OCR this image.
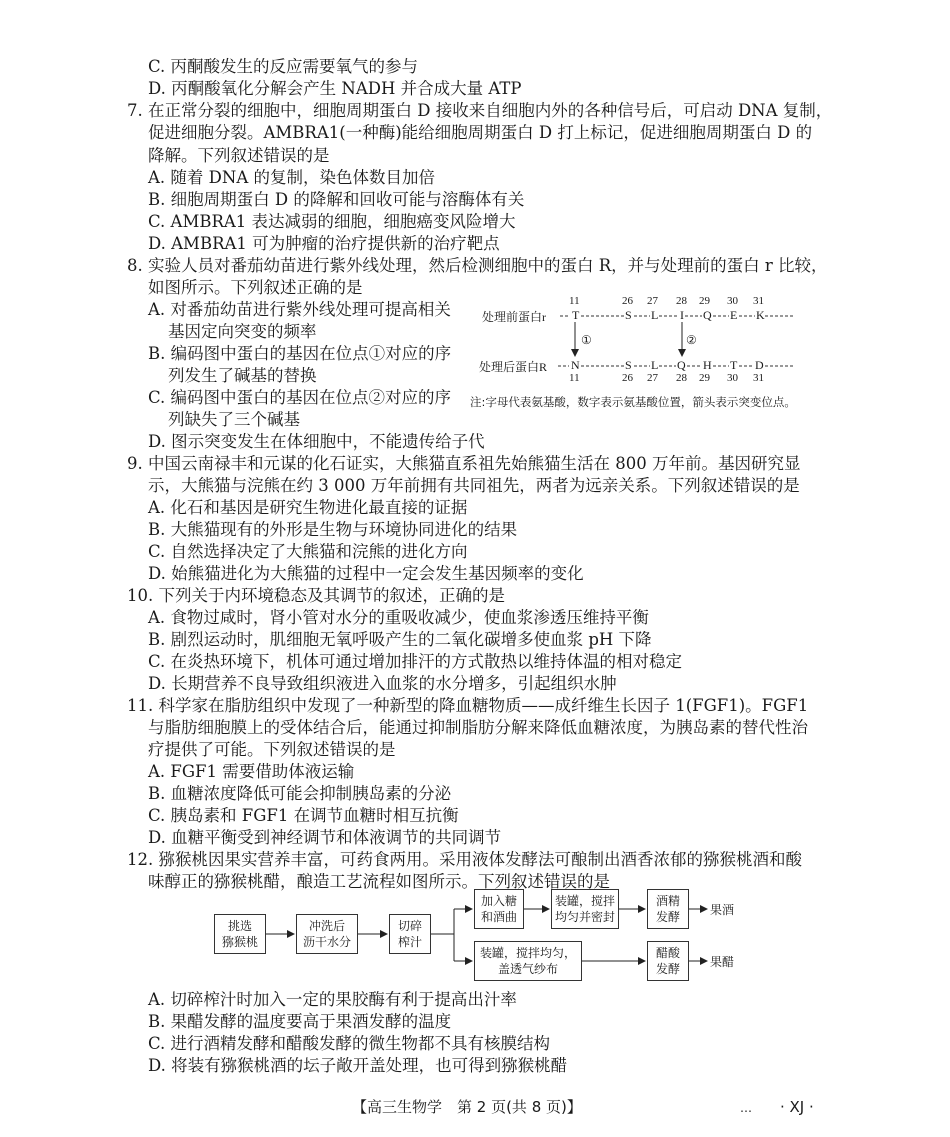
C. 丙酮酸发生的反应需要氧气的参与
D. 丙酮酸氧化分解会产生 NADH 并合成大量 ATP
7. 在正常分裂的细胞中，细胞周期蛋白 D 接收来自细胞内外的各种信号后，可启动 DNA 复制，
促进细胞分裂。AMBRA1(一种酶)能给细胞周期蛋白 D 打上标记，促进细胞周期蛋白 D 的
降解。下列叙述错误的是
A. 随着 DNA 的复制，染色体数目加倍
B. 细胞周期蛋白 D 的降解和回收可能与溶酶体有关
C. AMBRA1 表达减弱的细胞，细胞癌变风险增大
D. AMBRA1 可为肿瘤的治疗提供新的治疗靶点
8. 实验人员对番茄幼苗进行紫外线处理，然后检测细胞中的蛋白 R，并与处理前的蛋白 r 比较，
如图所示。下列叙述正确的是
A. 对番茄幼苗进行紫外线处理可提高相关
基因定向突变的频率
B. 编码图中蛋白的基因在位点①对应的序
列发生了碱基的替换
C. 编码图中蛋白的基因在位点②对应的序
列缺失了三个碱基
D. 图示突变发生在体细胞中，不能遗传给子代
处理前蛋白r
处理后蛋白R
11	26 27 28 29 30 31
T	S L I Q E K
①	②
N	S L Q H T D
11	26 27 28 29 30 31
注:字母代表氨基酸，数字表示氨基酸位置，箭头表示突变位点。
9. 中国云南禄丰和元谋的化石证实，大熊猫直系祖先始熊猫生活在 800 万年前。基因研究显
示，大熊猫与浣熊在约 3 000 万年前拥有共同祖先，两者为远亲关系。下列叙述错误的是
A. 化石和基因是研究生物进化最直接的证据
B. 大熊猫现有的外形是生物与环境协同进化的结果
C. 自然选择决定了大熊猫和浣熊的进化方向
D. 始熊猫进化为大熊猫的过程中一定会发生基因频率的变化
10. 下列关于内环境稳态及其调节的叙述，正确的是
A. 食物过咸时，肾小管对水分的重吸收减少，使血浆渗透压维持平衡
B. 剧烈运动时，肌细胞无氧呼吸产生的二氧化碳增多使血浆 pH 下降
C. 在炎热环境下，机体可通过增加排汗的方式散热以维持体温的相对稳定
D. 长期营养不良导致组织液进入血浆的水分增多，引起组织水肿
11. 科学家在脂肪组织中发现了一种新型的降血糖物质——成纤维生长因子 1(FGF1)。FGF1
与脂肪细胞膜上的受体结合后，能通过抑制脂肪分解来降低血糖浓度，为胰岛素的替代性治
疗提供了可能。下列叙述错误的是
A. FGF1 需要借助体液运输
B. 血糖浓度降低可能会抑制胰岛素的分泌
C. 胰岛素和 FGF1 在调节血糖时相互抗衡
D. 血糖平衡受到神经调节和体液调节的共同调节
12. 猕猴桃因果实营养丰富，可药食两用。采用液体发酵法可酿制出酒香浓郁的猕猴桃酒和酸
味醇正的猕猴桃醋，酿造工艺流程如图所示。下列叙述错误的是
挑选
猕猴桃
冲洗后
沥干水分
切碎
榨汁
加入糖
和酒曲
装罐，搅拌
均匀并密封
酒精
发酵
装罐，搅拌均匀，
盖透气纱布
醋酸
发酵
果酒
果醋
A. 切碎榨汁时加入一定的果胶酶有利于提高出汁率
B. 果醋发酵的温度要高于果酒发酵的温度
C. 进行酒精发酵和醋酸发酵的微生物都不具有核膜结构
D. 将装有猕猴桃酒的坛子敞开盖处理，也可得到猕猴桃醋
【高三生物学　第 2 页(共 8 页)】	… · XJ ·
